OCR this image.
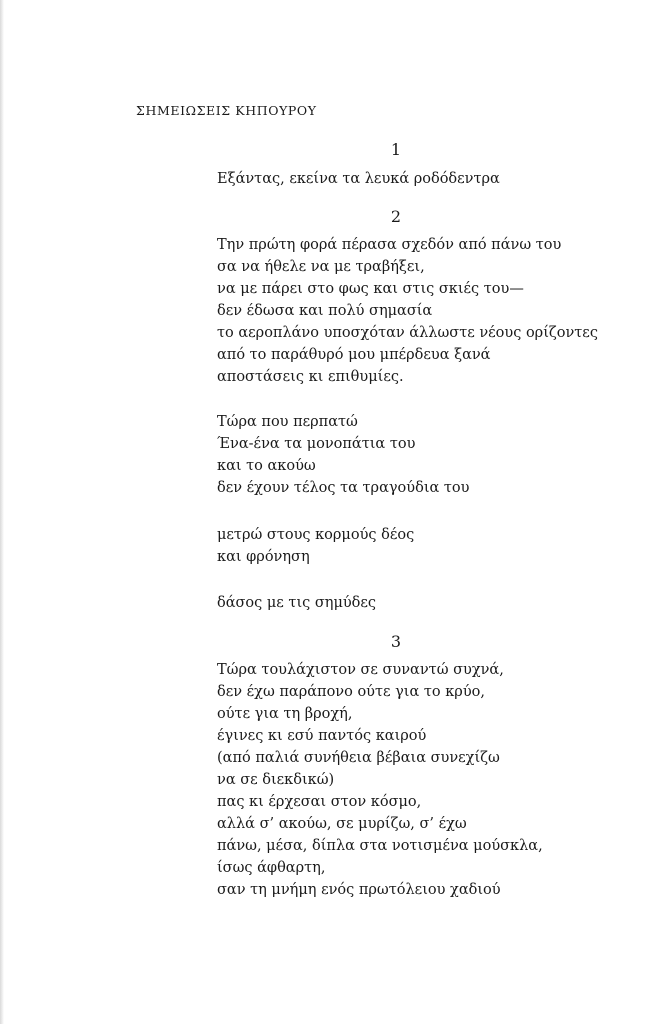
ΣΗΜΕΙΩΣΕΙΣ ΚΗΠΟΥΡΟΥ
1
Εξάντας, εκείνα τα λευκά ροδόδεντρα
2
Την πρώτη φορά πέρασα σχεδόν από πάνω του
σα να ήθελε να με τραβήξει,
να με πάρει στο φως και στις σκιές του—
δεν έδωσα και πολύ σημασία
το αεροπλάνο υποσχόταν άλλωστε νέους ορίζοντες
από το παράθυρό μου μπέρδευα ξανά
αποστάσεις κι επιθυμίες.
Τώρα που περπατώ
Ένα-ένα τα μονοπάτια του
και το ακούω
δεν έχουν τέλος τα τραγούδια του
μετρώ στους κορμούς δέος
και φρόνηση
δάσος με τις σημύδες
3
Τώρα τουλάχιστον σε συναντώ συχνά,
δεν έχω παράπονο ούτε για το κρύο,
ούτε για τη βροχή,
έγινες κι εσύ παντός καιρού
(από παλιά συνήθεια βέβαια συνεχίζω
να σε διεκδικώ)
πας κι έρχεσαι στον κόσμο,
αλλά σ’ ακούω, σε μυρίζω, σ’ έχω
πάνω, μέσα, δίπλα στα νοτισμένα μούσκλα,
ίσως άφθαρτη,
σαν τη μνήμη ενός πρωτόλειου χαδιού
